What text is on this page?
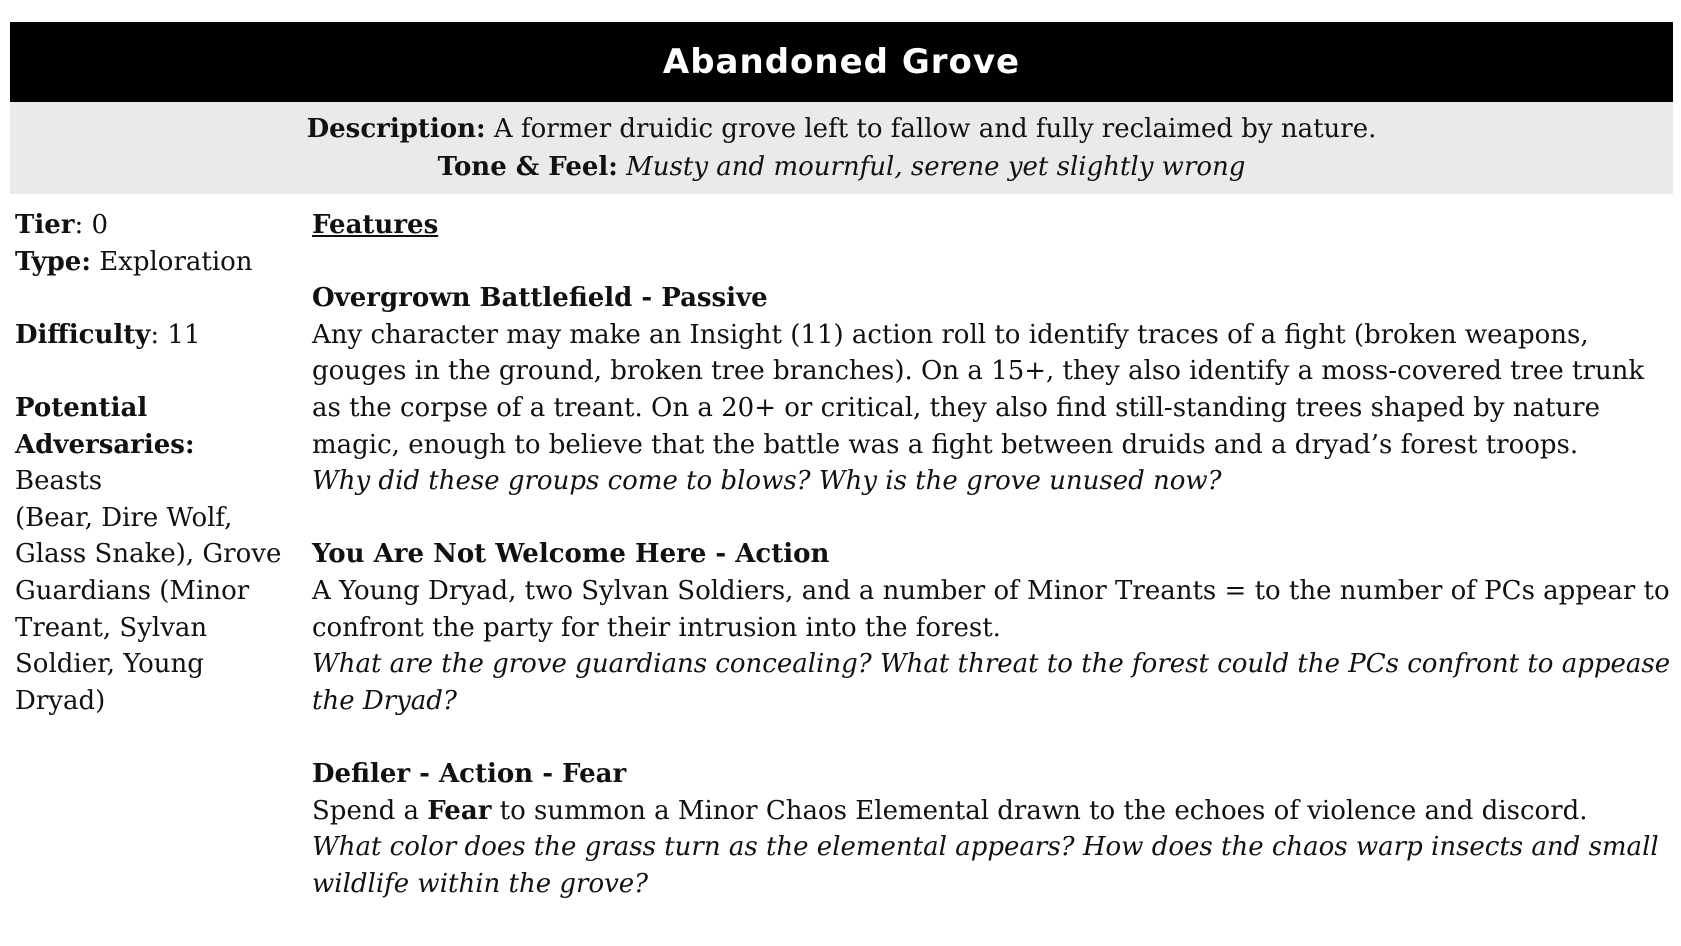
Abandoned Grove
Description: A former druidic grove left to fallow and fully reclaimed by nature.
Tone & Feel: Musty and mournful, serene yet slightly wrong
Tier: 0
Type: Exploration
Difficulty: 11
Potential
Adversaries: Beasts
(Bear, Dire Wolf,
Glass Snake), Grove
Guardians (Minor
Treant, Sylvan
Soldier, Young
Dryad)
Features
Overgrown Battlefield - Passive
Any character may make an Insight (11) action roll to identify traces of a fight (broken weapons,
gouges in the ground, broken tree branches). On a 15+, they also identify a moss-covered tree trunk
as the corpse of a treant. On a 20+ or critical, they also find still-standing trees shaped by nature
magic, enough to believe that the battle was a fight between druids and a dryad’s forest troops.
Why did these groups come to blows? Why is the grove unused now?
You Are Not Welcome Here - Action
A Young Dryad, two Sylvan Soldiers, and a number of Minor Treants = to the number of PCs appear to
confront the party for their intrusion into the forest.
What are the grove guardians concealing? What threat to the forest could the PCs confront to appease
the Dryad?
Defiler - Action - Fear
Spend a Fear to summon a Minor Chaos Elemental drawn to the echoes of violence and discord.
What color does the grass turn as the elemental appears? How does the chaos warp insects and small
wildlife within the grove?
